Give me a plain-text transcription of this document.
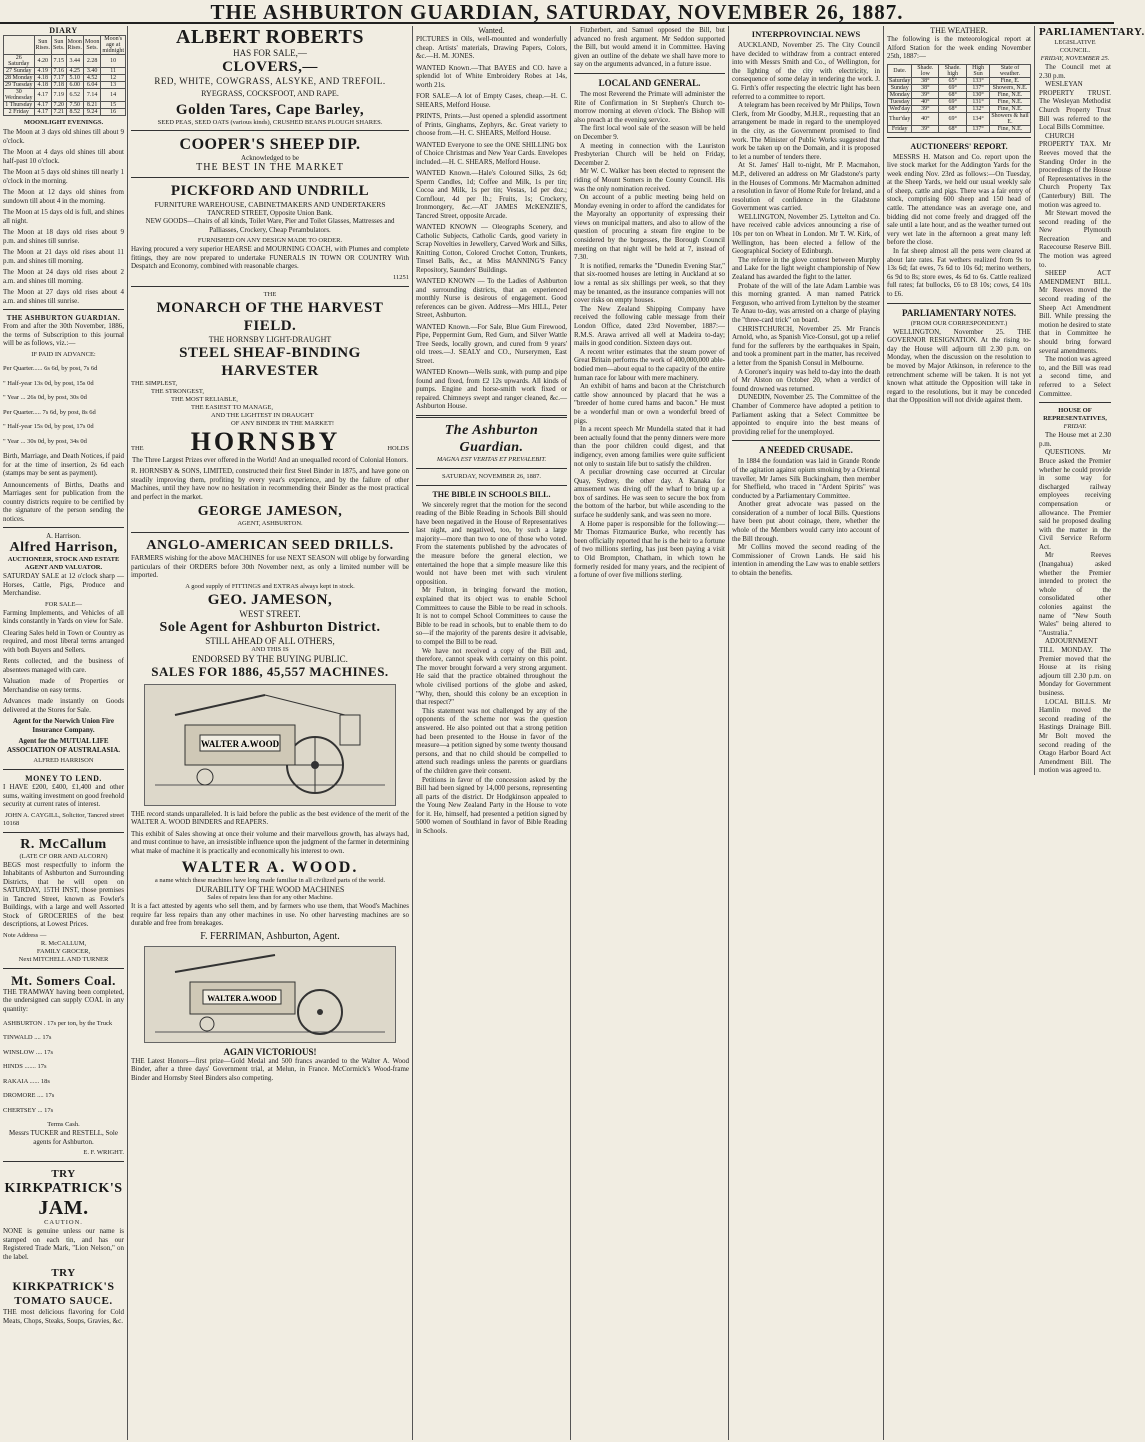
THE ASHBURTON GUARDIAN, SATURDAY, NOVEMBER 26, 1887.
DIARY
	Sun Rises.	Sun Sets.	Moon Rises.	Moon Sets.	Moon's age at midnight
26 Saturday	4.20	7.15	3.44	2.28	10
27 Sunday	4.19	7.16	4.25	3.40	11
28 Monday	4.18	7.17	5.10	4.52	12
29 Tuesday	4.18	7.18	6.00	6.04	13
30 Wednesday	4.17	7.19	6.52	7.14	14
1 Thursday	4.17	7.20	7.50	8.21	15
2 Friday	4.17	7.21	8.52	9.24	16
MOONLIGHT EVENINGS.

The Moon at 3 days old shines till about 9 o'clock.

The Moon at 4 days old shines till about half-past 10 o'clock.

The Moon at 5 days old shines till nearly 1 o'clock in the morning.

The Moon at 12 days old shines from sundown till about 4 in the morning.

The Moon at 15 days old is full, and shines all night.

The Moon at 18 days old rises about 9 p.m. and shines till sunrise.

The Moon at 21 days old rises about 11 p.m. and shines till morning.

The Moon at 24 days old rises about 2 a.m. and shines till morning.

The Moon at 27 days old rises about 4 a.m. and shines till sunrise.

THE ASHBURTON GUARDIAN.

From and after the 30th November, 1886, the terms of Subscription to this journal will be as follows, viz.:—

IF PAID IN ADVANCE:

Per Quarter...... 6s 6d, by post, 7s 6d

" Half-year 13s 0d, by post, 15s 0d

" Year ... 26s 0d, by post, 30s 0d

Per Quarter..... 7s 6d, by post, 8s 6d

" Half-year 15s 0d, by post, 17s 0d

" Year ... 30s 0d, by post, 34s 0d

Birth, Marriage, and Death Notices, if paid for at the time of insertion, 2s 6d each (stamps may be sent as payment).

Announcements of Births, Deaths and Marriages sent for publication from the country districts require to be certified by the signature of the person sending the notices.

A. Harrison.
Alfred Harrison,
AUCTIONEER, STOCK AND ESTATE AGENT AND VALUATOR.

SATURDAY SALE at 12 o'clock sharp —Horses, Cattle, Pigs, Produce and Merchandise.

FOR SALE—

Farming Implements, and Vehicles of all kinds constantly in Yards on view for Sale.

Clearing Sales held in Town or Country as required, and most liberal terms arranged with both Buyers and Sellers.

Rents collected, and the business of absentees managed with care.

Valuation made of Properties or Merchandise on easy terms.

Advances made instantly on Goods delivered at the Stores for Sale.

Agent for the Norwich Union Fire Insurance Company.

Agent for the MUTUAL LIFE ASSOCIATION OF AUSTRALASIA.

ALFRED HARRISON
MONEY TO LEND.

I HAVE £200, £400, £1,400 and other sums, waiting investment on good freehold security at current rates of interest.

JOHN A. CAYGILL, Solicitor, Tancred street
10168
R. McCallum
(LATE CF ORR AND ALCORN)

BEGS most respectfully to inform the Inhabitants of Ashburton and Surrounding Districts, that he will open on SATURDAY, 15TH INST, those premises in Tancred Street, known as Fowler's Buildings, with a large and well Assorted Stock of GROCERIES of the best descriptions, at Lowest Prices.

Note Address —
R. McCALLUM,
FAMILY GROCER,
Next MITCHELL AND TURNER
Mt. Somers Coal.

THE TRAMWAY having been completed, the undersigned can supply COAL in any quantity:

ASHBURTON . 17s per ton, by the Truck

TINWALD .... 17s

WINSLOW .... 17s

HINDS ....... 17s

RAKAIA ...... 18s

DROMORE .... 17s

CHERTSEY ... 17s

Terms Cash.

Messrs TUCKER and RESTELL, Sole agents for Ashburton.

E. F. WRIGHT.
TRY
KIRKPATRICK'S
JAM.
CAUTION.

NONE is genuine unless our name is stamped on each tin, and has our Registered Trade Mark, "Lion Nelson," on the label.

TRY
KIRKPATRICK'S
TOMATO SAUCE.

THE most delicious flavoring for Cold Meats, Chops, Steaks, Soups, Gravies, &c.

ALBERT ROBERTS
HAS FOR SALE,—
CLOVERS,—
RED, WHITE, COWGRASS, ALSYKE, AND TREFOIL.
RYEGRASS, COCKSFOOT, AND RAPE.
Golden Tares, Cape Barley,
SEED PEAS, SEED OATS (various kinds), CRUSHED BEANS PLOUGH SHARES.
COOPER'S SHEEP DIP.
Acknowledged to be
THE BEST IN THE MARKET
PICKFORD AND UNDRILL
FURNITURE WAREHOUSE, CABINETMAKERS AND UNDERTAKERS
TANCRED STREET, Opposite Union Bank.

NEW GOODS—Chairs of all kinds, Toilet Ware, Pier and Toilet Glasses, Mattresses and Palliasses, Crockery, Cheap Perambulators.

FURNISHED ON ANY DESIGN MADE TO ORDER.

Having procured a very superior HEARSE and MOURNING COACH, with Plumes and complete fittings, they are now prepared to undertake FUNERALS IN TOWN OR COUNTRY With Despatch and Economy, combined with reasonable charges.

11251
THE
MONARCH OF THE HARVEST FIELD.
THE HORNSBY LIGHT-DRAUGHT
STEEL SHEAF-BINDING HARVESTER
THE SIMPLEST,
THE STRONGEST,
THE MOST RELIABLE,
THE EASIEST TO MANAGE,
AND THE LIGHTEST IN DRAUGHT
OF ANY BINDER IN THE MARKET!
THE HORNSBY	HOLDS

The Three Largest Prizes ever offered in the World! And an unequalled record of Colonial Honors.

R. HORNSBY & SONS, LIMITED, constructed their first Steel Binder in 1875, and have gone on steadily improving them, profiting by every year's experience, and by the failure of other Machines, until they have now no hesitation in recommending their Binder as the most practical and perfect in the market.

GEORGE JAMESON,
AGENT, ASHBURTON.
ANGLO-AMERICAN SEED DRILLS.

FARMERS wishing for the above MACHINES for use NEXT SEASON will oblige by forwarding particulars of their ORDERS before 30th November next, as only a limited number will be imported.

A good supply of FITTINGS and EXTRAS always kept in stock.
GEO. JAMESON,
WEST STREET.
Sole Agent for Ashburton District.
STILL AHEAD OF ALL OTHERS,
AND THIS IS
ENDORSED BY THE BUYING PUBLIC.
SALES FOR 1886, 45,557 MACHINES.
WALTER A.WOOD

THE record stands unparalleled. It is laid before the public as the best evidence of the merit of the WALTER A. WOOD BINDERS and REAPERS.

This exhibit of Sales showing at once their volume and their marvellous growth, has always had, and must continue to have, an irresistible influence upon the judgment of the farmer in determining what make of machine it is practically and economically his interest to own.

WALTER A. WOOD.
a name which these machines have long made familiar in all civilized parts of the world.
DURABILITY OF THE WOOD MACHINES
Sales of repairs less than for any other Machine.

It is a fact attested by agents who sell them, and by farmers who use them, that Wood's Machines require far less repairs than any other machines in use. No other harvesting machines are so durable and free from breakages.

F. FERRIMAN, Ashburton, Agent.
WALTER A.WOOD
AGAIN VICTORIOUS!

THE Latest Honors—first prize—Gold Medal and 500 francs awarded to the Walter A. Wood Binder, after a three days' Government trial, at Melun, in France. McCormick's Wood-frame Binder and Hornsby Steel Binders also competing.

Wanted.

PICTURES in Oils, well-mounted and wonderfully cheap. Artists' materials, Drawing Papers, Colors, &c.—H. M. JONES.

WANTED Known.—That BAYES and CO. have a splendid lot of White Embroidery Robes at 14s, worth 21s.

FOR SALE—A lot of Empty Cases, cheap.—H. C. SHEARS, Melford House.

PRINTS, Prints.—Just opened a splendid assortment of Prints, Ginghams, Zephyrs, &c. Great variety to choose from.—H. C. SHEARS, Melford House.

WANTED Everyone to see the ONE SHILLING box of Choice Christmas and New Year Cards. Envelopes included.—H. C. SHEARS, Melford House.

WANTED Known.—Hale's Coloured Silks, 2s 6d; Sperm Candles, 1d; Coffee and Milk, 1s per tin; Cocoa and Milk, 1s per tin; Vestas, 1d per doz.; Cornflour, 4d per lb.; Fruits, 1s; Crockery, Ironmongery, &c.—AT JAMES McKENZIE'S, Tancred Street, opposite Arcade.

WANTED KNOWN — Oleographs Scenery, and Catholic Subjects, Catholic Cards, good variety in Scrap Novelties in Jewellery, Carved Work and Silks, Knitting Cotton, Colored Crochet Cotton, Trunkets, Tinsel Balls, &c., at Miss MANNING'S Fancy Repository, Saunders' Buildings.

WANTED KNOWN — To the Ladies of Ashburton and surrounding districts, that an experienced monthly Nurse is desirous of engagement. Good references can be given. Address—Mrs HILL, Peter Street, Ashburton.

WANTED Known.—For Sale, Blue Gum Firewood, Pipe, Peppermint Gum, Red Gum, and Silver Wattle Tree Seeds, locally grown, and cured from 9 years' old trees.—J. SEALY and CO., Nurserymen, East Street.

WANTED Known—Wells sunk, with pump and pipe found and fixed, from £2 12s upwards. All kinds of pumps. Engine and horse-smith work fixed or repaired. Chimneys swept and ranger cleaned, &c.—Ashburton House.

The Ashburton Guardian.
MAGNA EST VERITAS ET PREVALEBIT.
SATURDAY, NOVEMBER 26, 1887.
THE BIBLE IN SCHOOLS BILL.

We sincerely regret that the motion for the second reading of the Bible Reading in Schools Bill should have been negatived in the House of Representatives last night, and negatived, too, by such a large majority—more than two to one of those who voted. From the statements published by the advocates of the measure before the general election, we entertained the hope that a simple measure like this would not have been met with such virulent opposition.

Mr Fulton, in bringing forward the motion, explained that its object was to enable School Committees to cause the Bible to be read in schools. It is not to compel School Committees to cause the Bible to be read in schools, but to enable them to do so—if the majority of the parents desire it advisable, to compel the Bill to be read.

We have not received a copy of the Bill and, therefore, cannot speak with certainty on this point. The mover brought forward a very strong argument. He said that the practice obtained throughout the whole civilised portions of the globe and asked, "Why, then, should this colony be an exception in that respect?"

This statement was not challenged by any of the opponents of the scheme nor was the question answered. He also pointed out that a strong petition had been presented to the House in favor of the measure—a petition signed by some twenty thousand persons, and that no child should be compelled to attend such readings unless the parents or guardians of the children gave their consent.

Petitions in favor of the concession asked by the Bill had been signed by 14,000 persons, representing all parts of the district. Dr Hodgkinson appealed to the Young New Zealand Party in the House to vote for it. He, himself, had presented a petition signed by 5000 women of Southland in favor of Bible Reading in Schools.

Fitzherbert, and Samuel opposed the Bill, but advanced no fresh argument. Mr Seddon supported the Bill, but would amend it in Committee. Having given an outline of the debate we shall have more to say on the arguments advanced, in a future issue.

LOCAL AND GENERAL.

The most Reverend the Primate will administer the Rite of Confirmation in St Stephen's Church to-morrow morning at eleven o'clock. The Bishop will also preach at the evening service.

The first local wool sale of the season will be held on December 9.

A meeting in connection with the Lauriston Presbyterian Church will be held on Friday, December 2.

Mr W. C. Walker has been elected to represent the riding of Mount Somers in the County Council. His was the only nomination received.

On account of a public meeting being held on Monday evening in order to afford the candidates for the Mayoralty an opportunity of expressing their views on municipal matters, and also to allow of the question of procuring a steam fire engine to be considered by the burgesses, the Borough Council meeting on that night will be held at 7, instead of 7.30.

It is notified, remarks the "Dunedin Evening Star," that six-roomed houses are letting in Auckland at so low a rental as six shillings per week, so that they may be tenanted, as the insurance companies will not cover risks on empty houses.

The New Zealand Shipping Company have received the following cable message from their London Office, dated 23rd November, 1887:—R.M.S. Arawa arrived all well at Madeira to-day; mails in good condition. Sixteen days out.

A recent writer estimates that the steam power of Great Britain performs the work of 400,000,000 able-bodied men—about equal to the capacity of the entire human race for labour with mere machinery.

An exhibit of hams and bacon at the Christchurch cattle show announced by placard that he was a "breeder of home cured hams and bacon." He must be a wonderful man or own a wonderful breed of pigs.

In a recent speech Mr Mundella stated that it had been actually found that the penny dinners were more than the poor children could digest, and that indigency, even among families were quite sufficient not only to sustain life but to satisfy the children.

A peculiar drowning case occurred at Circular Quay, Sydney, the other day. A Kanaka for amusement was diving off the wharf to bring up a box of sardines. He was seen to secure the box from the bottom of the harbor, but while ascending to the surface he suddenly sank, and was seen no more.

A Home paper is responsible for the following:—Mr Thomas Fitzmaurice Burke, who recently has been officially reported that he is the heir to a fortune of two millions sterling, has just been paying a visit to Old Brompton, Chatham, in which town he formerly resided for many years, and the recipient of a fortune of over five millions sterling.

INTERPROVINCIAL NEWS

AUCKLAND, November 25. The City Council have decided to withdraw from a contract entered into with Messrs Smith and Co., of Wellington, for the lighting of the city with electricity, in consequence of some delay in tendering the work. J. G. Firth's offer respecting the electric light has been referred to a committee to report.

A telegram has been received by Mr Philips, Town Clerk, from Mr Goodby, M.H.R., requesting that an arrangement be made in regard to the unemployed in the city, as the Government promised to find work. The Minister of Public Works suggested that work be taken up on the Domain, and it is proposed to let a number of tenders there.

At St. James' Hall to-night, Mr P. Macmahon, M.P., delivered an address on Mr Gladstone's party in the Houses of Commons. Mr Macmahon admitted a resolution in favor of Home Rule for Ireland, and a resolution of confidence in the Gladstone Government was carried.

WELLINGTON, November 25. Lyttelton and Co. have received cable advices announcing a rise of 10s per ton on Wheat in London. Mr T. W. Kirk, of Wellington, has been elected a fellow of the Geographical Society of Edinburgh.

The referee in the glove contest between Murphy and Lake for the light weight championship of New Zealand has awarded the fight to the latter.

Probate of the will of the late Adam Lambie was this morning granted. A man named Patrick Ferguson, who arrived from Lyttelton by the steamer Te Anau to-day, was arrested on a charge of playing the "three-card trick" on board.

CHRISTCHURCH, November 25. Mr Francis Arnold, who, as Spanish Vice-Consul, got up a relief fund for the sufferers by the earthquakes in Spain, and took a prominent part in the matter, has received a letter from the Spanish Consul in Melbourne.

A Coroner's inquiry was held to-day into the death of Mr Alston on October 20, when a verdict of found drowned was returned.

DUNEDIN, November 25. The Committee of the Chamber of Commerce have adopted a petition to Parliament asking that a Select Committee be appointed to enquire into the best means of providing relief for the unemployed.

A NEEDED CRUSADE.

In 1884 the foundation was laid in Grande Ronde of the agitation against opium smoking by a Oriental traveller, Mr James Silk Buckingham, then member for Sheffield, who traced in "Ardent Spirits" was conducted by a Parliamentary Committee.

Another great advocate was passed on the consideration of a number of local Bills. Questions have been put about coinage, there, whether the whole of the Members would carry into account of the Bill through.

Mr Collins moved the second reading of the Commissioner of Crown Lands. He said his intention in amending the Law was to enable settlers to obtain the benefits.

THE WEATHER.

The following is the meteorological report at Alford Station for the week ending November 25th, 1887:—

Date.	Shade. low	Shade. high	High Sun	State of weather.
Saturday	38°	65°	133°	Fine, E.
Sunday	38°	69°	137°	Showers, N.E.
Monday	39°	68°	130°	Fine, N.E.
Tuesday	40°	69°	131°	Fine, N.E.
Wed'day	39°	68°	132°	Fine, N.E.
Thur'day	40°	69°	134°	Showers & hail E.
Friday	39°	68°	137°	Fine, N.E.
AUCTIONEERS' REPORT.

MESSRS H. Matson and Co. report upon the live stock market for the Addington Yards for the week ending Nov. 23rd as follows:—On Tuesday, at the Sheep Yards, we held our usual weekly sale of sheep, cattle and pigs. There was a fair entry of stock, comprising 600 sheep and 150 head of cattle. The attendance was an average one, and bidding did not come freely and dragged off the sale until a late hour, and as the weather turned out very wet late in the afternoon a great many left before the close.

In fat sheep almost all the pens were cleared at about late rates. Fat wethers realized from 9s to 13s 6d; fat ewes, 7s 6d to 10s 6d; merino wethers, 6s 9d to 8s; store ewes, 4s 6d to 6s. Cattle realized full rates; fat bullocks, £6 to £8 10s; cows, £4 10s to £6.

PARLIAMENTARY NOTES.
(FROM OUR CORRESPONDENT.)

WELLINGTON, November 25. THE GOVERNOR RESIGNATION. At the rising to-day the House will adjourn till 2.30 p.m. on Monday, when the discussion on the resolution to be moved by Major Atkinson, in reference to the retrenchment scheme will be taken. It is not yet known what attitude the Opposition will take in regard to the resolutions, but it may be conceded that the Opposition will not divide against them.

PARLIAMENTARY.
LEGISLATIVE COUNCIL.
FRIDAY, NOVEMBER 25.

The Council met at 2.30 p.m.

WESLEYAN PROPERTY TRUST. The Wesleyan Methodist Church Property Trust Bill was referred to the Local Bills Committee.

CHURCH PROPERTY TAX. Mr Reeves moved that the Standing Order in the proceedings of the House of Representatives in the Church Property Tax (Canterbury) Bill. The motion was agreed to.

Mr Stewart moved the second reading of the New Plymouth Recreation and Racecourse Reserve Bill. The motion was agreed to.

SHEEP ACT AMENDMENT BILL. Mr Reeves moved the second reading of the Sheep Act Amendment Bill. While pressing the motion he desired to state that in Committee he should bring forward several amendments.

The motion was agreed to, and the Bill was read a second time, and referred to a Select Committee.

HOUSE OF REPRESENTATIVES,
FRIDAY.

The House met at 2.30 p.m.

QUESTIONS. Mr Bruce asked the Premier whether he could provide in some way for discharged railway employees receiving compensation or allowance. The Premier said he proposed dealing with the matter in the Civil Service Reform Act.

Mr Reeves (Inangahua) asked whether the Premier intended to protect the whole of the consolidated other colonies against the name of "New South Wales" being altered to "Australia."

ADJOURNMENT TILL MONDAY. The Premier moved that the House at its rising adjourn till 2.30 p.m. on Monday for Government business.

LOCAL BILLS. Mr Hamlin moved the second reading of the Hastings Drainage Bill. Mr Bolt moved the second reading of the Otago Harbor Board Act Amendment Bill. The motion was agreed to.
